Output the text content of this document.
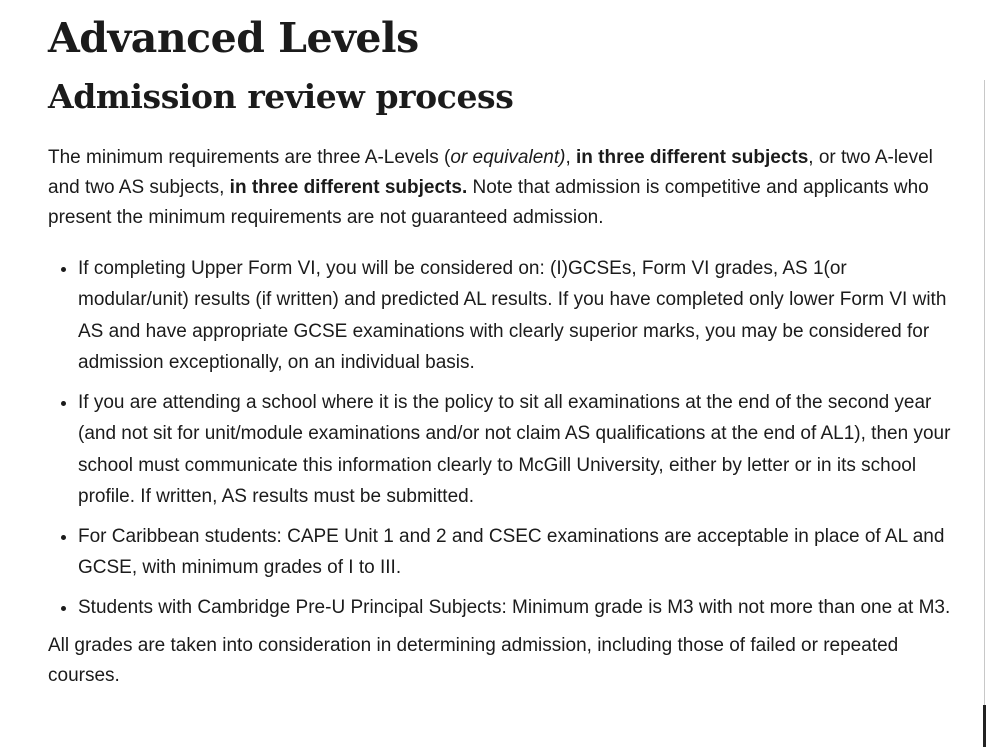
Advanced Levels
Admission review process

The minimum requirements are three A-Levels (or equivalent), in three different subjects, or two A-level and two AS subjects, in three different subjects. Note that admission is competitive and applicants who present the minimum requirements are not guaranteed admission.

• If completing Upper Form VI, you will be considered on: (I)GCSEs, Form VI grades, AS 1(or modular/unit) results (if written) and predicted AL results. If you have completed only lower Form VI with AS and have appropriate GCSE examinations with clearly superior marks, you may be considered for admission exceptionally, on an individual basis.
• If you are attending a school where it is the policy to sit all examinations at the end of the second year (and not sit for unit/module examinations and/or not claim AS qualifications at the end of AL1), then your school must communicate this information clearly to McGill University, either by letter or in its school profile. If written, AS results must be submitted.
• For Caribbean students: CAPE Unit 1 and 2 and CSEC examinations are acceptable in place of AL and GCSE, with minimum grades of I to III.
• Students with Cambridge Pre-U Principal Subjects: Minimum grade is M3 with not more than one at M3.

All grades are taken into consideration in determining admission, including those of failed or repeated courses.
